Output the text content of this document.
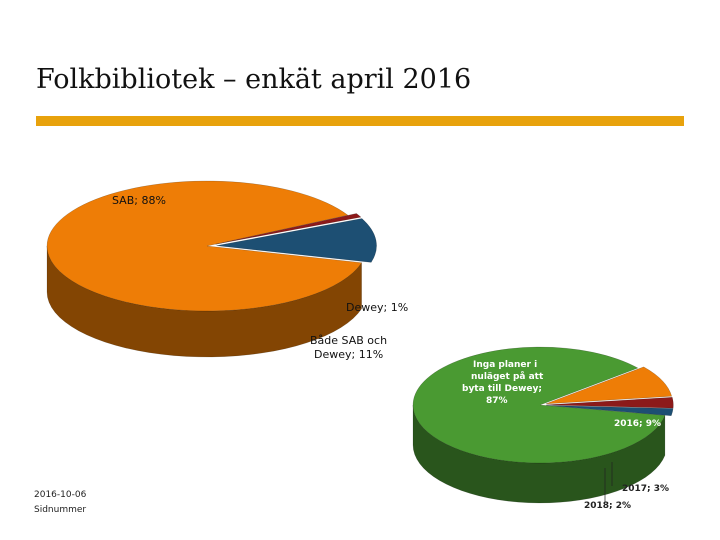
Folkbibliotek – enkät april 2016
SAB; 88%
Dewey; 1%
Både SAB och
Dewey; 11%
Inga planer i
nuläget på att
byta till Dewey;
87%
2016; 9%
2017; 3%
2018; 2%
2016-10-06
Sidnummer
